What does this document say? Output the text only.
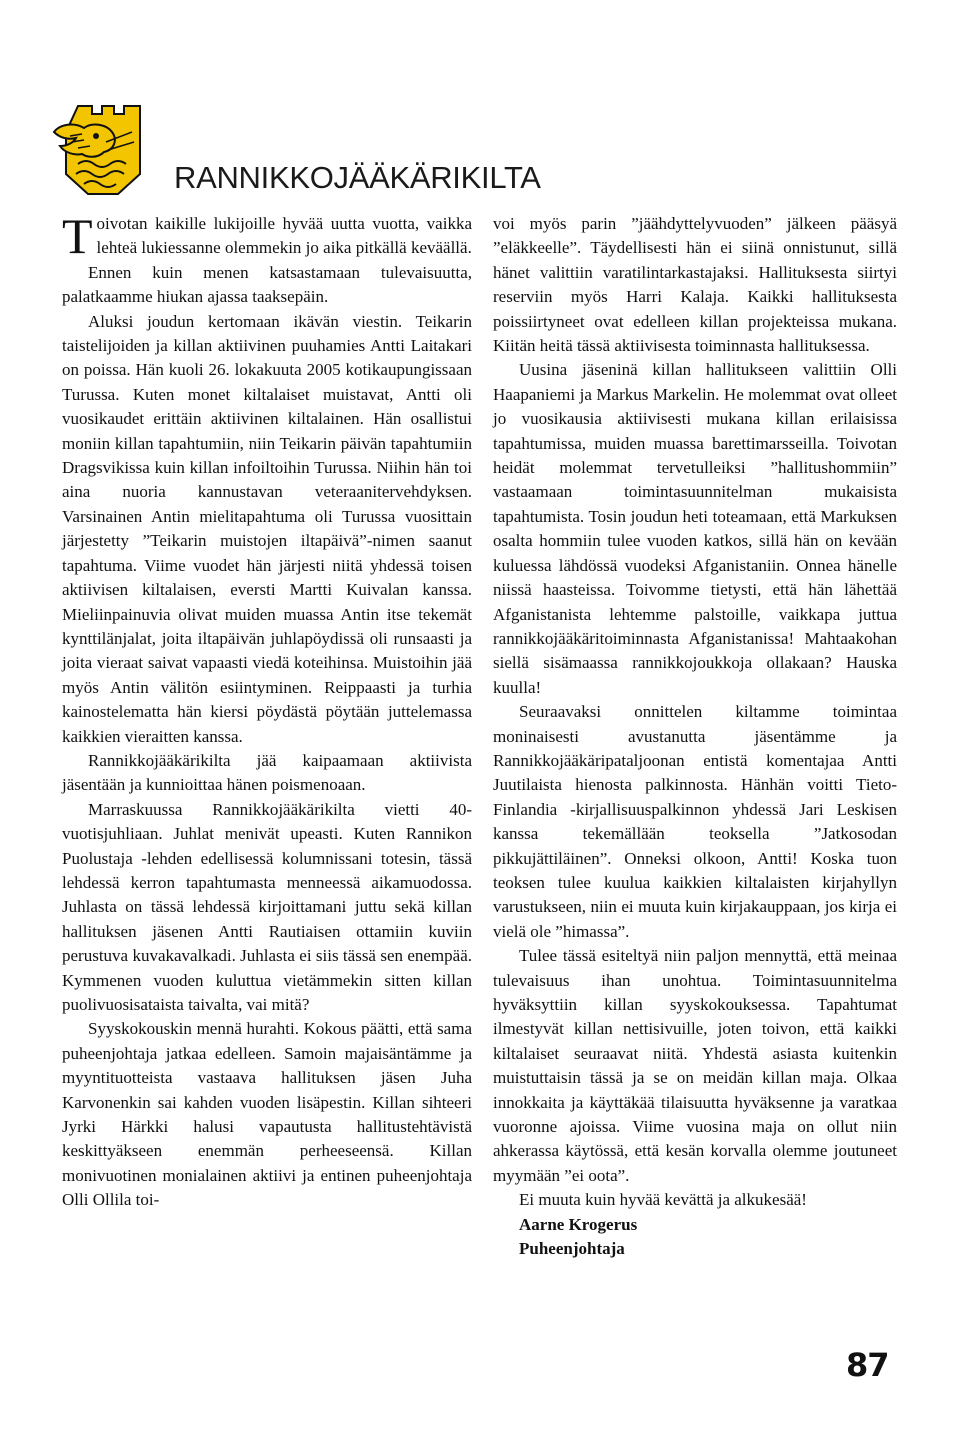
RANNIKKOJÄÄKÄRIKILTA

Toivotan kaikille lukijoille hyvää uutta vuotta, vaikka lehteä lukiessanne olemmekin jo aika pitkällä keväällä.

Ennen kuin menen katsastamaan tulevaisuutta, palatkaamme hiukan ajassa taaksepäin.

Aluksi joudun kertomaan ikävän viestin. Teikarin taistelijoiden ja killan aktiivinen puuhamies Antti Laitakari on poissa. Hän kuoli 26. lokakuuta 2005 kotikaupungissaan Turussa. Kuten monet kiltalaiset muistavat, Antti oli vuosikaudet erittäin aktiivinen kiltalainen. Hän osallistui moniin killan tapahtumiin, niin Teikarin päivän tapahtumiin Dragsvikissa kuin killan infoiltoihin Turussa. Niihin hän toi aina nuoria kannustavan veteraanitervehdyksen. Varsinainen Antin mielitapahtuma oli Turussa vuosittain järjestetty ”Teikarin muistojen iltapäivä”-nimen saanut tapahtuma. Viime vuodet hän järjesti niitä yhdessä toisen aktiivisen kiltalaisen, eversti Martti Kuivalan kanssa. Mieliinpainuvia olivat muiden muassa Antin itse tekemät kynttilänjalat, joita iltapäivän juhlapöydissä oli runsaasti ja joita vieraat saivat vapaasti viedä koteihinsa. Muistoihin jää myös Antin välitön esiintyminen. Reippaasti ja turhia kainostelematta hän kiersi pöydästä pöytään juttelemassa kaikkien vieraitten kanssa.

Rannikkojääkärikilta jää kaipaamaan aktiivista jäsentään ja kunnioittaa hänen poismenoaan.

Marraskuussa Rannikkojääkärikilta vietti 40-vuotisjuhliaan. Juhlat menivät upeasti. Kuten Rannikon Puolustaja -lehden edellisessä kolumnissani totesin, tässä lehdessä kerron tapahtumasta menneessä aikamuodossa. Juhlasta on tässä lehdessä kirjoittamani juttu sekä killan hallituksen jäsenen Antti Rautiaisen ottamiin kuviin perustuva kuvakavalkadi. Juhlasta ei siis tässä sen enempää. Kymmenen vuoden kuluttua vietämmekin sitten killan puolivuosisataista taivalta, vai mitä?

Syyskokouskin mennä hurahti. Kokous päätti, että sama puheenjohtaja jatkaa edelleen. Samoin majaisäntämme ja myyntituotteista vastaava hallituksen jäsen Juha Karvonenkin sai kahden vuoden lisäpestin. Killan sihteeri Jyrki Härkki halusi vapautusta hallitustehtävistä keskittyäkseen enemmän perheeseensä. Killan monivuotinen monialainen aktiivi ja entinen puheenjohtaja Olli Ollila toi-

voi myös parin ”jäähdyttelyvuoden” jälkeen pääsyä ”eläkkeelle”. Täydellisesti hän ei siinä onnistunut, sillä hänet valittiin varatilintarkastajaksi. Hallituksesta siirtyi reserviin myös Harri Kalaja. Kaikki hallituksesta poissiirtyneet ovat edelleen killan projekteissa mukana. Kiitän heitä tässä aktiivisesta toiminnasta hallituksessa.

Uusina jäseninä killan hallitukseen valittiin Olli Haapaniemi ja Markus Markelin. He molemmat ovat olleet jo vuosikausia aktiivisesti mukana killan erilaisissa tapahtumissa, muiden muassa barettimarsseilla. Toivotan heidät molemmat tervetulleiksi ”hallitushommiin” vastaamaan toimintasuunnitelman mukaisista tapahtumista. Tosin joudun heti toteamaan, että Markuksen osalta hommiin tulee vuoden katkos, sillä hän on kevään kuluessa lähdössä vuodeksi Afganistaniin. Onnea hänelle niissä haasteissa. Toivomme tietysti, että hän lähettää Afganistanista lehtemme palstoille, vaikkapa juttua rannikkojääkäritoiminnasta Afganistanissa! Mahtaakohan siellä sisämaassa rannikkojoukkoja ollakaan? Hauska kuulla!

Seuraavaksi onnittelen kiltamme toimintaa moninaisesti avustanutta jäsentämme ja Rannikkojääkäripataljoonan entistä komentajaa Antti Juutilaista hienosta palkinnosta. Hänhän voitti Tieto-Finlandia -kirjallisuuspalkinnon yhdessä Jari Leskisen kanssa tekemällään teoksella ”Jatkosodan pikkujättiläinen”. Onneksi olkoon, Antti! Koska tuon teoksen tulee kuulua kaikkien kiltalaisten kirjahyllyn varustukseen, niin ei muuta kuin kirjakauppaan, jos kirja ei vielä ole ”himassa”.

Tulee tässä esiteltyä niin paljon mennyttä, että meinaa tulevaisuus ihan unohtua. Toimintasuunnitelma hyväksyttiin killan syyskokouksessa. Tapahtumat ilmestyvät killan nettisivuille, joten toivon, että kaikki kiltalaiset seuraavat niitä. Yhdestä asiasta kuitenkin muistuttaisin tässä ja se on meidän killan maja. Olkaa innokkaita ja käyttäkää tilaisuutta hyväksenne ja varatkaa vuoronne ajoissa. Viime vuosina maja on ollut niin ahkerassa käytössä, että kesän korvalla olemme joutuneet myymään ”ei oota”.

Ei muuta kuin hyvää kevättä ja alkukesää!

Aarne Krogerus

Puheenjohtaja

87
